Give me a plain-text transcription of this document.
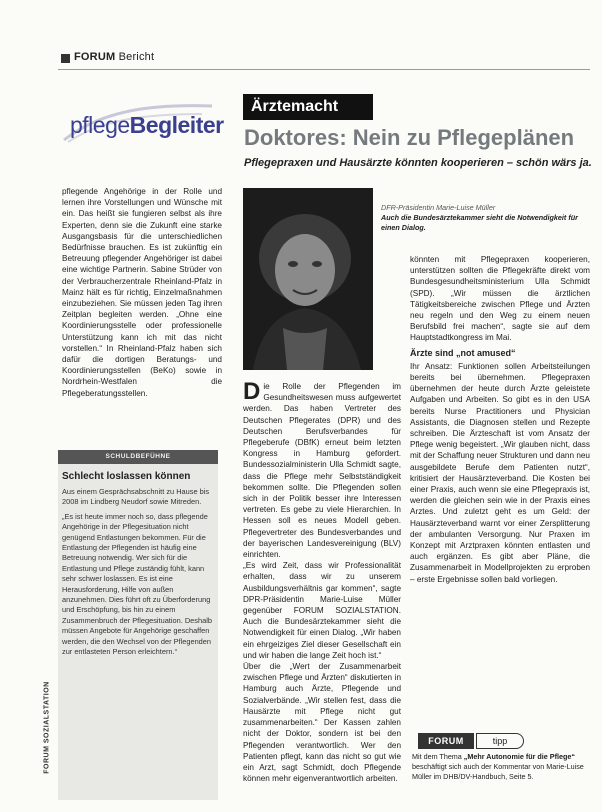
FORUM Bericht
pflegeBegleiter
Ärztemacht
Doktores: Nein zu Pflegeplänen
Pflegepraxen und Hausärzte könnten kooperieren – schön wärs ja.

pflegende Angehörige in der Rolle und lernen ihre Vorstellungen und Wünsche mit ein. Das heißt sie fungieren selbst als ihre Experten, denn sie die Zukunft eine starke Ausgangsbasis für die unterschiedlichen Bedürfnisse brauchen. Es ist zukünftig ein Betreuung pflegender Angehöriger ist dabei eine wichtige Partnerin. Sabine Strüder von der Verbraucherzentrale Rheinland-Pfalz in Mainz hält es für richtig, Einzelmaßnahmen einzubeziehen. Sie müssen jeden Tag ihren Zeitplan begleiten werden. „Ohne eine Koordinierungsstelle oder professionelle Unterstützung kann ich mit das nicht vorstellen.“ In Rheinland-Pfalz haben sich dafür die dortigen Beratungs- und Koordinierungsstellen (BeKo) sowie in Nordrhein-Westfalen die Pflegeberatungsstellen.

DFR-Präsidentin Marie-Luise Müller
Auch die Bundesärztekammer sieht die Notwendigkeit für einen Dialog.

Die Rolle der Pflegenden im Gesundheitswesen muss aufgewertet werden. Das haben Vertreter des Deutschen Pflegerates (DPR) und des Deutschen Berufsverbandes für Pflegeberufe (DBfK) erneut beim letzten Kongress in Hamburg gefordert. Bundessozialministerin Ulla Schmidt sagte, dass die Pflege mehr Selbstständigkeit bekommen sollte. Die Pflegenden sollen sich in der Politik besser ihre Interessen vertreten. Es gebe zu viele Hierarchien. In Hessen soll es neues Modell geben. Pflegevertreter des Bundesverbandes und der bayerischen Landesvereinigung (BLV) einrichten.

„Es wird Zeit, dass wir Professionalität erhalten, dass wir zu unserem Ausbildungsverhältnis gar kommen“, sagte DPR-Präsidentin Marie-Luise Müller gegenüber FORUM SOZIALSTATION. Auch die Bundesärztekammer sieht die Notwendigkeit für einen Dialog. „Wir haben ein ehrgeiziges Ziel dieser Gesellschaft ein und wir haben die lange Zeit hoch ist.“

Über die „Wert der Zusammenarbeit zwischen Pflege und Ärzten“ diskutierten in Hamburg auch Ärzte, Pflegende und Sozialverbände. „Wir stellen fest, dass die Hausärzte mit Pflege nicht gut zusammenarbeiten.“ Der Kassen zahlen nicht der Doktor, sondern ist bei den Pflegenden verantwortlich. Wer den Patienten pflegt, kann das nicht so gut wie ein Arzt, sagt Schmidt, doch Pflegende können mehr eigenverantwortlich arbeiten.

könnten mit Pflegepraxen kooperieren, unterstützen sollten die Pflegekräfte direkt vom Bundesgesundheitsministerium Ulla Schmidt (SPD). „Wir müssen die ärztlichen Tätigkeitsbereiche zwischen Pflege und Ärzten neu regeln und den Weg zu einem neuen Berufsbild frei machen“, sagte sie auf dem Hauptstadtkongress im Mai.

Ärzte sind „not amused“

Ihr Ansatz: Funktionen sollen Arbeitsteilungen bereits bei übernehmen. Pflegepraxen übernehmen der heute durch Ärzte geleistete Aufgaben und Arbeiten. So gibt es in den USA bereits Nurse Practitioners und Physician Assistants, die Diagnosen stellen und Rezepte schreiben. Die Ärzteschaft ist vom Ansatz der Pflege wenig begeistert. „Wir glauben nicht, dass mit der Schaffung neuer Strukturen und dann neu ausgebildete Berufe dem Patienten nutzt“, kritisiert der Hausärzteverband. Die Kosten bei einer Praxis, auch wenn sie eine Pflegepraxis ist, werden die gleichen sein wie in der Praxis eines Arztes. Und zuletzt geht es um Geld: der Hausärzteverband warnt vor einer Zersplitterung der ambulanten Versorgung. Nur Praxen im Konzept mit Arztpraxen könnten entlasten und auch ergänzen. Es gibt aber Pläne, die Zusammenarbeit in Modellprojekten zu erproben – erste Ergebnisse sollen bald vorliegen.

SCHULDBEFÜHNE
Schlecht loslassen können

Aus einem Gesprächsabschnitt zu Hause bis 2008 im Lindberg Neudorf sowie Mitreden.

„Es ist heute immer noch so, dass pflegende Angehörige in der Pflegesituation nicht genügend Entlastungen bekommen. Für die Entlastung der Pflegenden ist häufig eine Betreuung notwendig. Wer sich für die Entlastung und Pflege zuständig fühlt, kann sehr schwer loslassen. Es ist eine Herausforderung, Hilfe von außen anzunehmen. Dies führt oft zu Überforderung und Erschöpfung, bis hin zu einem Zusammenbruch der Pflegesituation. Deshalb müssen Angebote für Angehörige geschaffen werden, die den Wechsel von der Pflegenden zur entlasteten Person erleichtern.“

FORUM SOZIALSTATION	FORUM	tipp
Mit dem Thema „Mehr Autonomie für die Pflege“ beschäftigt sich auch der Kommentar von Marie-Luise Müller im DHB/DV-Handbuch, Seite 5.
